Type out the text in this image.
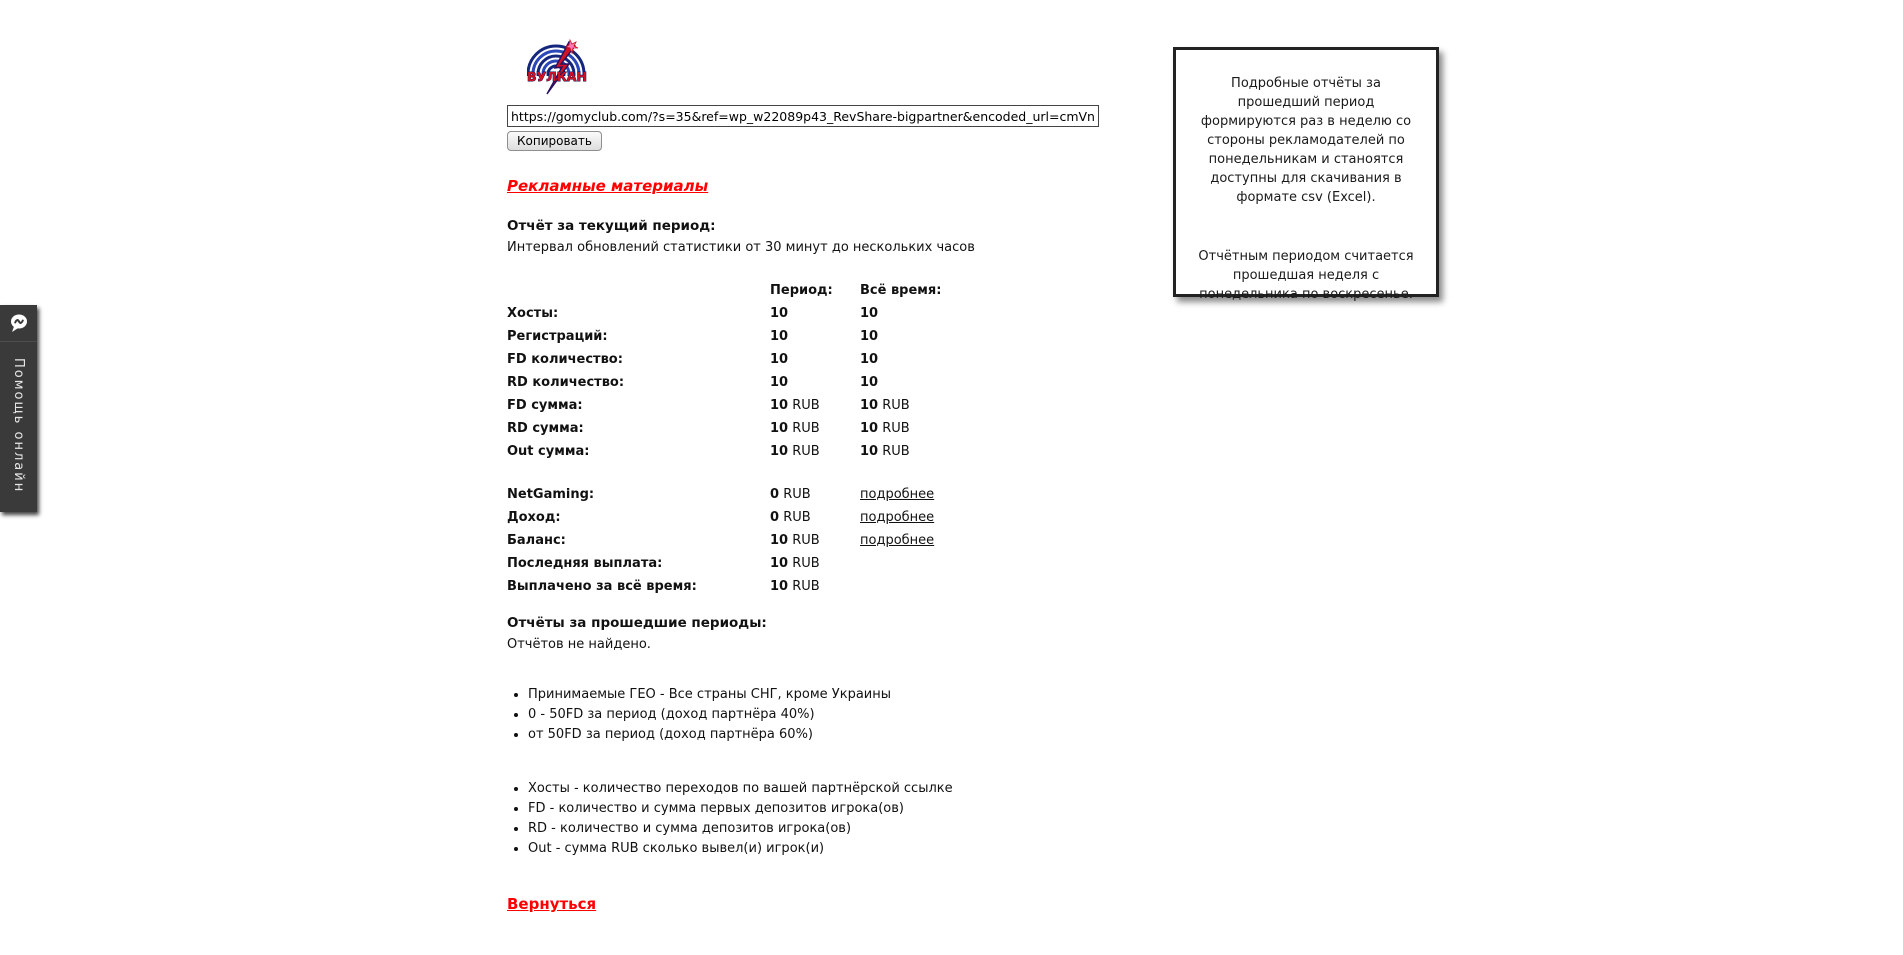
ВУЛКАН
https://gomyclub.com/?s=35&ref=wp_w22089p43_RevShare-bigpartner&encoded_url=cmVnaXN Копировать
Рекламные материалы
Отчёт за текущий период:
Интервал обновлений статистики от 30 минут до нескольких часов
	Период:	Всё время:
Хосты:	10	10
Регистраций:	10	10
FD количество:	10	10
RD количество:	10	10
FD сумма:	10 RUB	10 RUB
RD сумма:	10 RUB	10 RUB
Out сумма:	10 RUB	10 RUB
NetGaming:	0 RUB	подробнее
Доход:	0 RUB	подробнее
Баланс:	10 RUB	подробнее
Последняя выплата:	10 RUB	
Выплачено за всё время:	10 RUB	
Отчёты за прошедшие периоды:
Отчётов не найдено.
• Принимаемые ГЕО - Все страны СНГ, кроме Украины
• 0 - 50FD за период (доход партнёра 40%)
• от 50FD за период (доход партнёра 60%)
• Хосты - количество переходов по вашей партнёрской ссылке
• FD - количество и сумма первых депозитов игрока(ов)
• RD - количество и сумма депозитов игрока(ов)
• Out - сумма RUB сколько вывел(и) игрок(и)
Вернуться

Подробные отчёты за прошедший период формируются раз в неделю со стороны рекламодателей по понедельникам и станоятся доступны для скачивания в формате csv (Excel).

Отчётным периодом считается прошедшая неделя с понедельника по воскресенье.

Помощь онлайн
